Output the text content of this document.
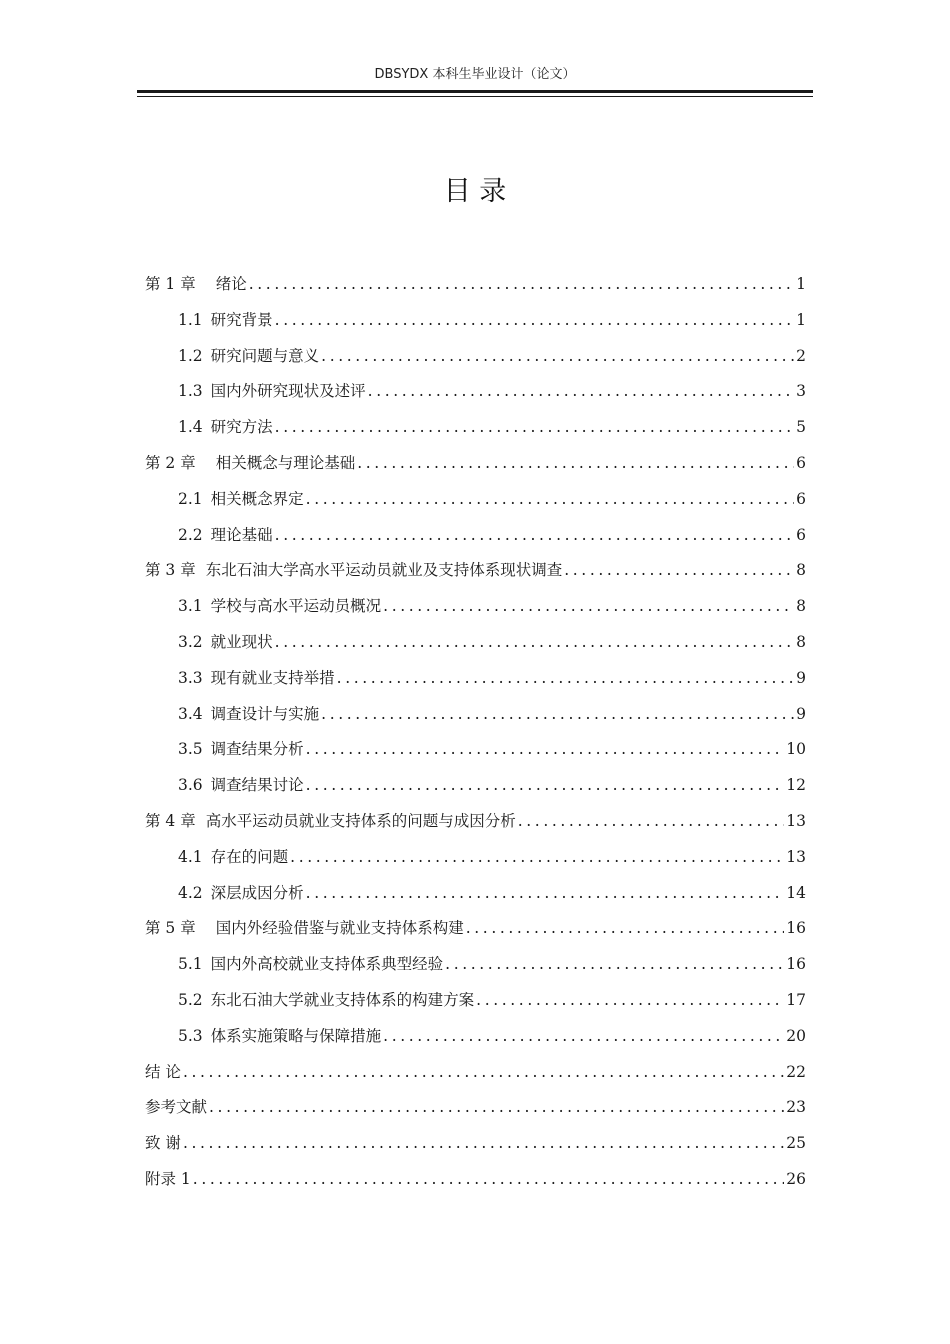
DBSYDX 本科生毕业设计（论文）
目 录
第 1 章 绪论 .....	1
1.1 研究背景 .....	1
1.2 研究问题与意义 .....	2
1.3 国内外研究现状及述评 .....	3
1.4 研究方法 .....	5
第 2 章 相关概念与理论基础 .....	6
2.1 相关概念界定 .....	6
2.2 理论基础 .....	6
第 3 章 东北石油大学高水平运动员就业及支持体系现状调查 .....	8
3.1 学校与高水平运动员概况 .....	8
3.2 就业现状 .....	8
3.3 现有就业支持举措 .....	9
3.4 调查设计与实施 .....	9
3.5 调查结果分析 .....	10
3.6 调查结果讨论 .....	12
第 4 章 高水平运动员就业支持体系的问题与成因分析 .....	13
4.1 存在的问题 .....	13
4.2 深层成因分析 .....	14
第 5 章 国内外经验借鉴与就业支持体系构建 .....	16
5.1 国内外高校就业支持体系典型经验 .....	16
5.2 东北石油大学就业支持体系的构建方案 .....	17
5.3 体系实施策略与保障措施 .....	20
结 论 .....	22
参考文献 .....	23
致 谢 .....	25
附录 1 .....	26
